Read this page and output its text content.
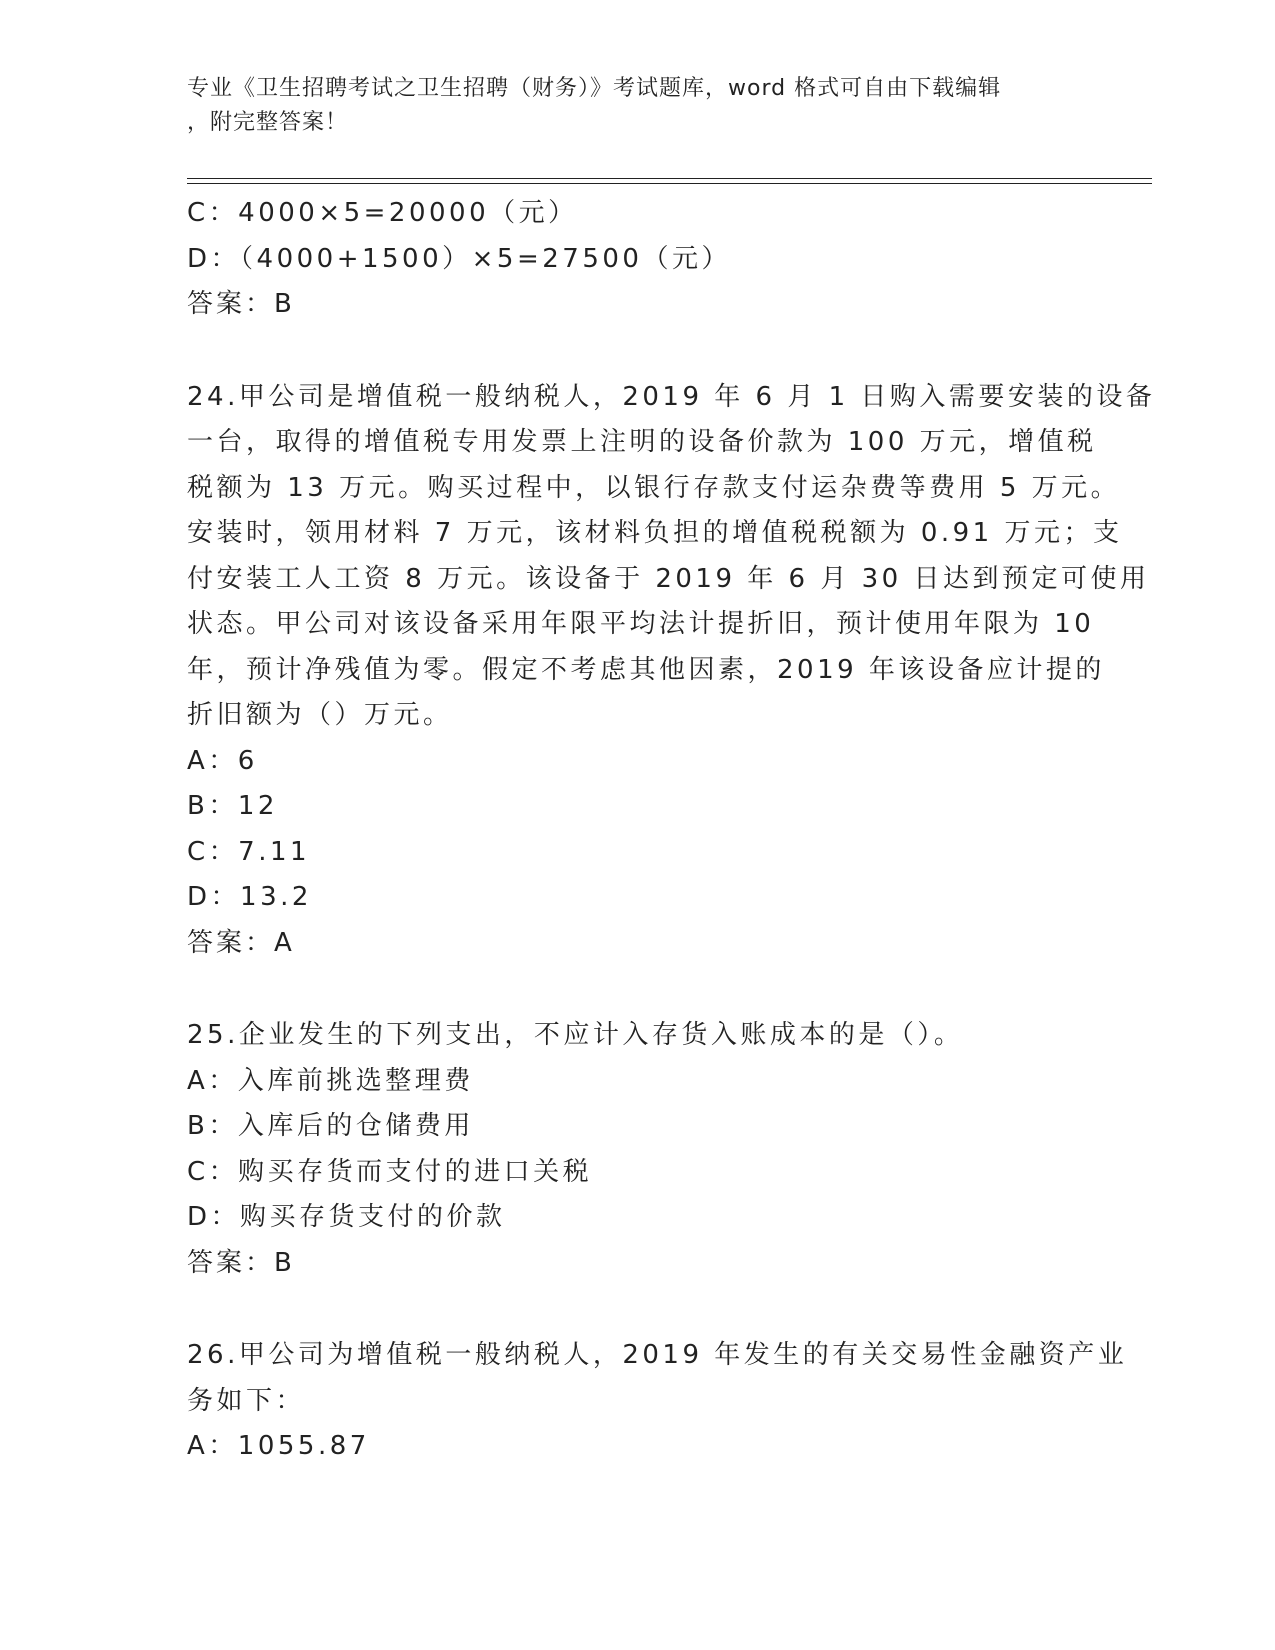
专业《卫生招聘考试之卫生招聘（财务）》考试题库，word 格式可自由下载编辑
，附完整答案！
C：4000×5=20000（元）
D：（4000+1500）×5=27500（元）
答案：B
24.甲公司是增值税一般纳税人，2019 年 6 月 1 日购入需要安装的设备
一台，取得的增值税专用发票上注明的设备价款为 100 万元，增值税
税额为 13 万元。购买过程中，以银行存款支付运杂费等费用 5 万元。
安装时，领用材料 7 万元，该材料负担的增值税税额为 0.91 万元；支
付安装工人工资 8 万元。该设备于 2019 年 6 月 30 日达到预定可使用
状态。甲公司对该设备采用年限平均法计提折旧，预计使用年限为 10
年，预计净残值为零。假定不考虑其他因素，2019 年该设备应计提的
折旧额为（）万元。
A：6
B：12
C：7.11
D：13.2
答案：A
25.企业发生的下列支出，不应计入存货入账成本的是（）。
A：入库前挑选整理费
B：入库后的仓储费用
C：购买存货而支付的进口关税
D：购买存货支付的价款
答案：B
26.甲公司为增值税一般纳税人，2019 年发生的有关交易性金融资产业
务如下：
A：1055.87
